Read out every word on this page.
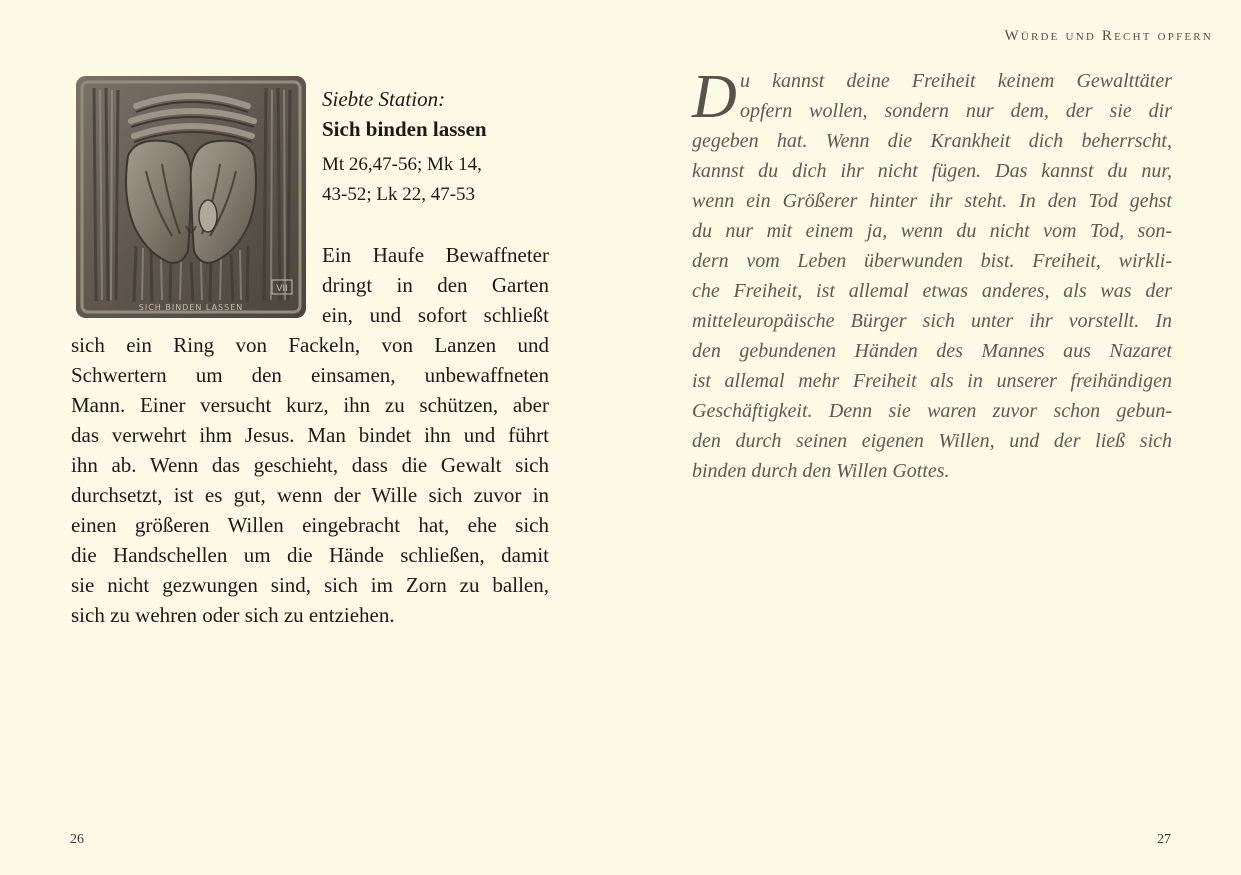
SICH BINDEN LASSEN
VII
Siebte Station:
Sich binden lassen
Mt 26,47-56; Mk 14,
43-52; Lk 22, 47-53
Ein Haufe Bewaffneter
dringt in den Garten
ein, und sofort schließt
sich ein Ring von Fackeln, von Lanzen und
Schwertern um den einsamen, unbewaffneten
Mann. Einer versucht kurz, ihn zu schützen, aber
das verwehrt ihm Jesus. Man bindet ihn und führt
ihn ab. Wenn das geschieht, dass die Gewalt sich
durchsetzt, ist es gut, wenn der Wille sich zuvor in
einen größeren Willen eingebracht hat, ehe sich
die Handschellen um die Hände schließen, damit
sie nicht gezwungen sind, sich im Zorn zu ballen,
sich zu wehren oder sich zu entziehen.
26
Würde und Recht opfern
D u kannst deine Freiheit keinem Gewalttäter
opfern wollen, sondern nur dem, der sie dir
gegeben hat. Wenn die Krankheit dich beherrscht,
kannst du dich ihr nicht fügen. Das kannst du nur,
wenn ein Größerer hinter ihr steht. In den Tod gehst
du nur mit einem ja, wenn du nicht vom Tod, son-
dern vom Leben überwunden bist. Freiheit, wirkli-
che Freiheit, ist allemal etwas anderes, als was der
mitteleuropäische Bürger sich unter ihr vorstellt. In
den gebundenen Händen des Mannes aus Nazaret
ist allemal mehr Freiheit als in unserer freihändigen
Geschäftigkeit. Denn sie waren zuvor schon gebun-
den durch seinen eigenen Willen, und der ließ sich
binden durch den Willen Gottes.
27
